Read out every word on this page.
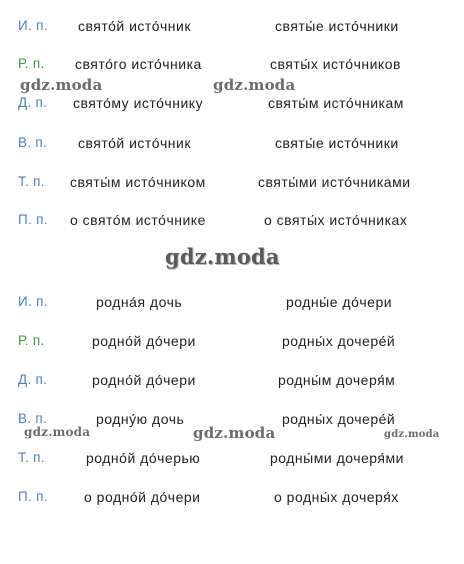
И. п. свято́й исто́чник	святы́е исто́чники
Р. п. свято́го исто́чника	святы́х исто́чников
Д. п. свято́му исто́чнику	святы́м исто́чникам
В. п. свято́й исто́чник	святы́е исто́чники
Т. п. святы́м исто́чником	святы́ми исто́чниками
П. п. о свято́м исто́чнике	о святы́х исто́чниках
И. п.	родна́я дочь	родны́е до́чери
Р. п.	родно́й до́чери	родны́х дочере́й
Д. п.	родно́й до́чери	родны́м дочеря́м
В. п.	родну́ю дочь	родны́х дочере́й
Т. п.	родно́й до́черью	родны́ми дочеря́ми
П. п.	о родно́й до́чери	о родны́х дочеря́х
gdz.moda	gdz.moda
gdz.moda
gdz.moda	gdz.moda	gdz.moda
